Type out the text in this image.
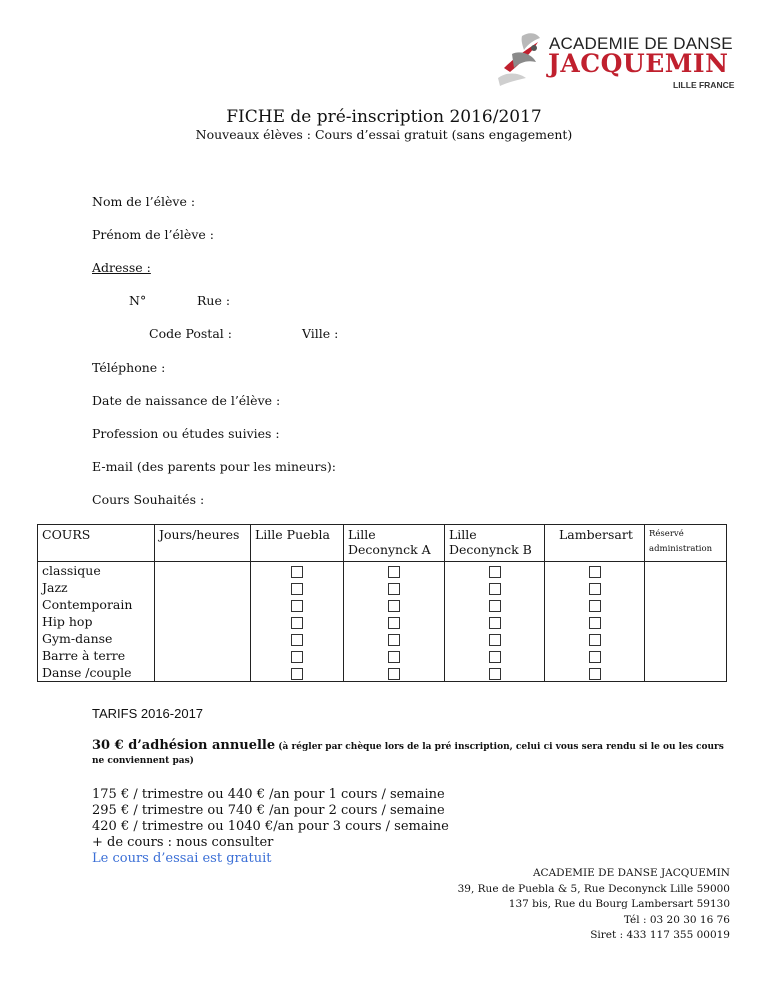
ACADEMIE DE DANSE
JACQUEMIN
LILLE FRANCE
FICHE de pré-inscription 2016/2017
Nouveaux élèves : Cours d’essai gratuit (sans engagement)
Nom de l’élève :
Prénom de l’élève :
Adresse :
N°	Rue :
Code Postal :	Ville :
Téléphone :
Date de naissance de l’élève :
Profession ou études suivies :
E-mail (des parents pour les mineurs):
Cours Souhaités :
COURS	Jours/heures	Lille Puebla	Lille Deconynck A	Lille Deconynck B	Lambersart	Réservé administration
classique						
Jazz						
Contemporain						
Hip hop						
Gym-danse						
Barre à terre						
Danse /couple						
TARIFS 2016-2017
30 € d’adhésion annuelle (à régler par chèque lors de la pré inscription, celui ci vous sera rendu si le ou les cours ne conviennent pas)
175 € / trimestre ou 440 € /an pour 1 cours / semaine
295 € / trimestre ou 740 € /an pour 2 cours / semaine
420 € / trimestre ou 1040 €/an pour 3 cours / semaine
+ de cours : nous consulter
Le cours d’essai est gratuit
ACADEMIE DE DANSE JACQUEMIN
39, Rue de Puebla & 5, Rue Deconynck Lille 59000
137 bis, Rue du Bourg Lambersart 59130
Tél : 03 20 30 16 76
Siret : 433 117 355 00019
